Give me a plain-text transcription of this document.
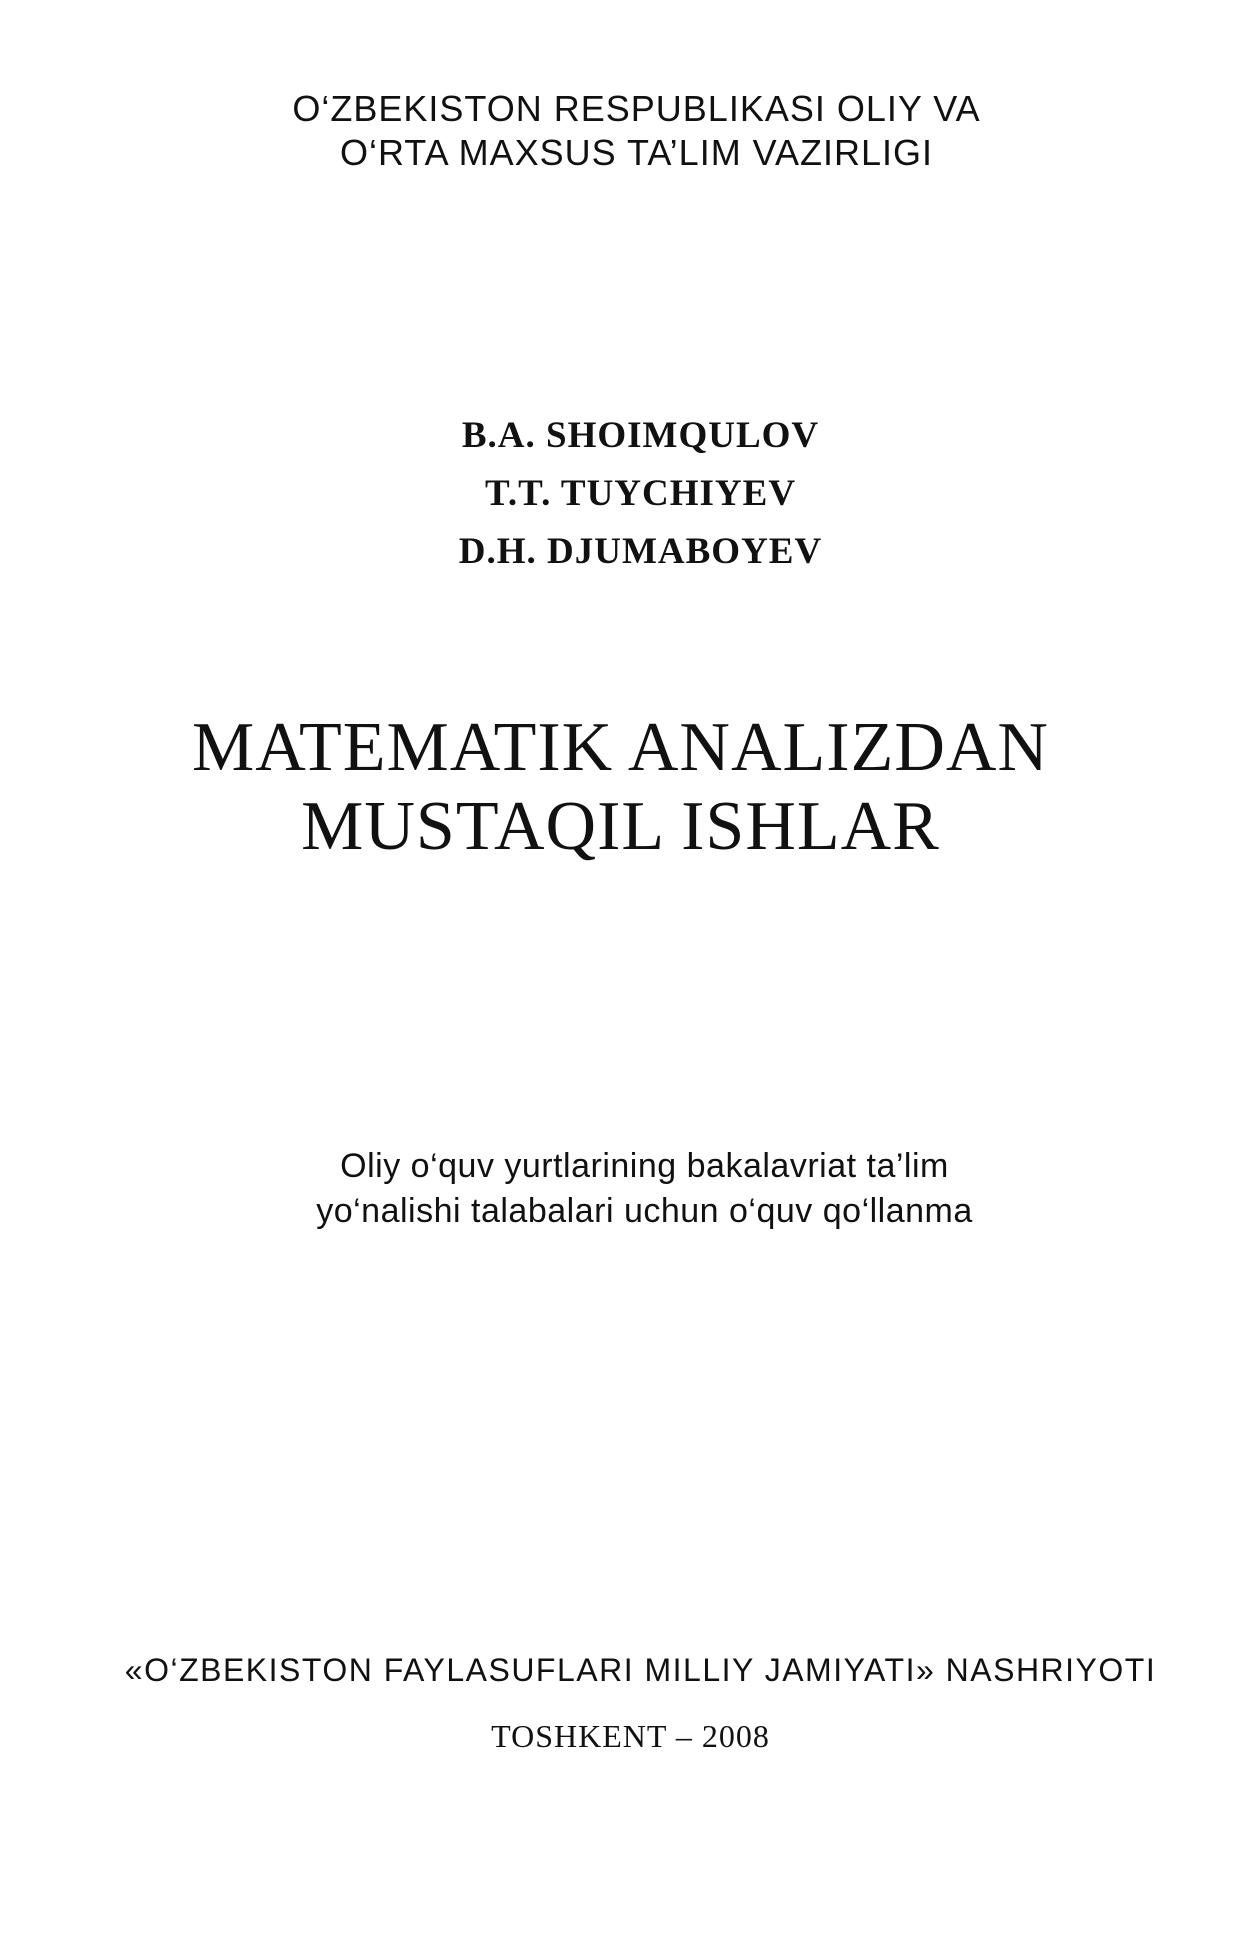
O‘ZBEKISTON RESPUBLIKASI OLIY VA
O‘RTA MAXSUS TA’LIM VAZIRLIGI
B.A. SHOIMQULOV
T.T. TUYCHIYEV
D.H. DJUMABOYEV
MATEMATIK ANALIZDAN
MUSTAQIL ISHLAR
Oliy o‘quv yurtlarining bakalavriat ta’lim
yo‘nalishi talabalari uchun o‘quv qo‘llanma
«O‘ZBEKISTON FAYLASUFLARI MILLIY JAMIYATI» NASHRIYOTI
TOSHKENT – 2008
